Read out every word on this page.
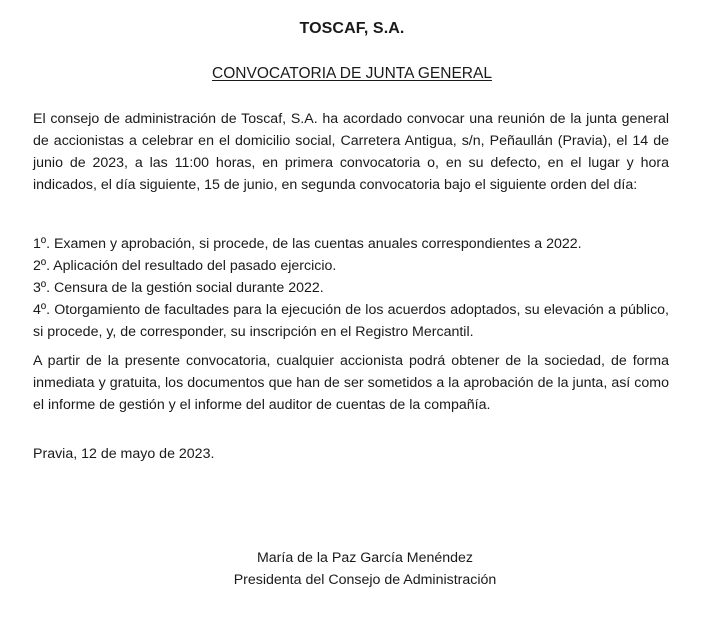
TOSCAF, S.A.
CONVOCATORIA DE JUNTA GENERAL
El consejo de administración de Toscaf, S.A. ha acordado convocar una reunión de la junta general de accionistas a celebrar en el domicilio social, Carretera Antigua, s/n, Peñaullán (Pravia), el 14 de junio de 2023, a las 11:00 horas, en primera convocatoria o, en su defecto, en el lugar y hora indicados, el día siguiente, 15 de junio, en segunda convocatoria bajo el siguiente orden del día:
1º. Examen y aprobación, si procede, de las cuentas anuales correspondientes a 2022.
2º. Aplicación del resultado del pasado ejercicio.
3º. Censura de la gestión social durante 2022.
4º. Otorgamiento de facultades para la ejecución de los acuerdos adoptados, su elevación a público, si procede, y, de corresponder, su inscripción en el Registro Mercantil.
A partir de la presente convocatoria, cualquier accionista podrá obtener de la sociedad, de forma inmediata y gratuita, los documentos que han de ser sometidos a la aprobación de la junta, así como el informe de gestión y el informe del auditor de cuentas de la compañía.
Pravia, 12 de mayo de 2023.
María de la Paz García Menéndez
Presidenta del Consejo de Administración
